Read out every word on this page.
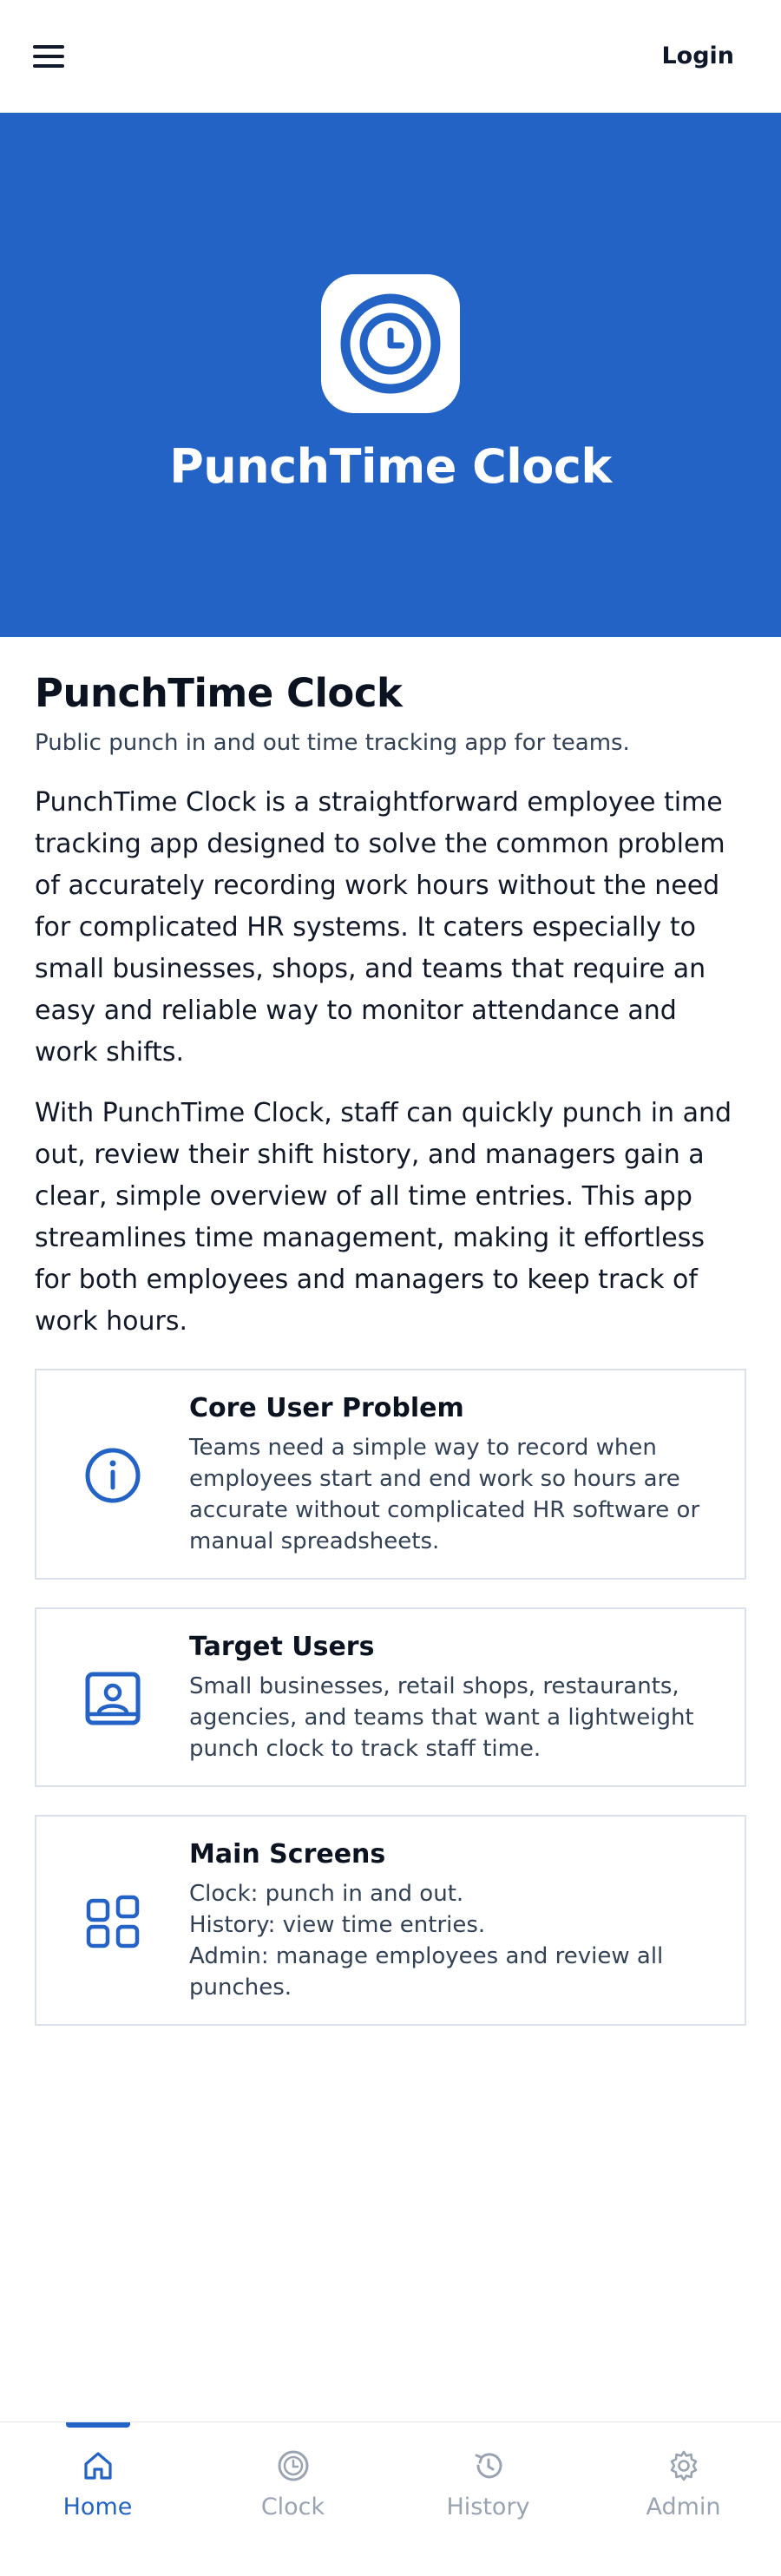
Login
PunchTime Clock
PunchTime Clock

Public punch in and out time tracking app for teams.

PunchTime Clock is a straightforward employee time tracking app designed to solve the common problem of accurately recording work hours without the need for complicated HR systems. It caters especially to small businesses, shops, and teams that require an easy and reliable way to monitor attendance and work shifts.

With PunchTime Clock, staff can quickly punch in and out, review their shift history, and managers gain a clear, simple overview of all time entries. This app streamlines time management, making it effortless for both employees and managers to keep track of work hours.

Core User Problem
Teams need a simple way to record when employees start and end work so hours are accurate without complicated HR software or manual spreadsheets.
Target Users
Small businesses, retail shops, restaurants, agencies, and teams that want a lightweight punch clock to track staff time.
Main Screens
Clock: punch in and out.
History: view time entries.
Admin: manage employees and review all punches.
Home	Clock	History	Admin
